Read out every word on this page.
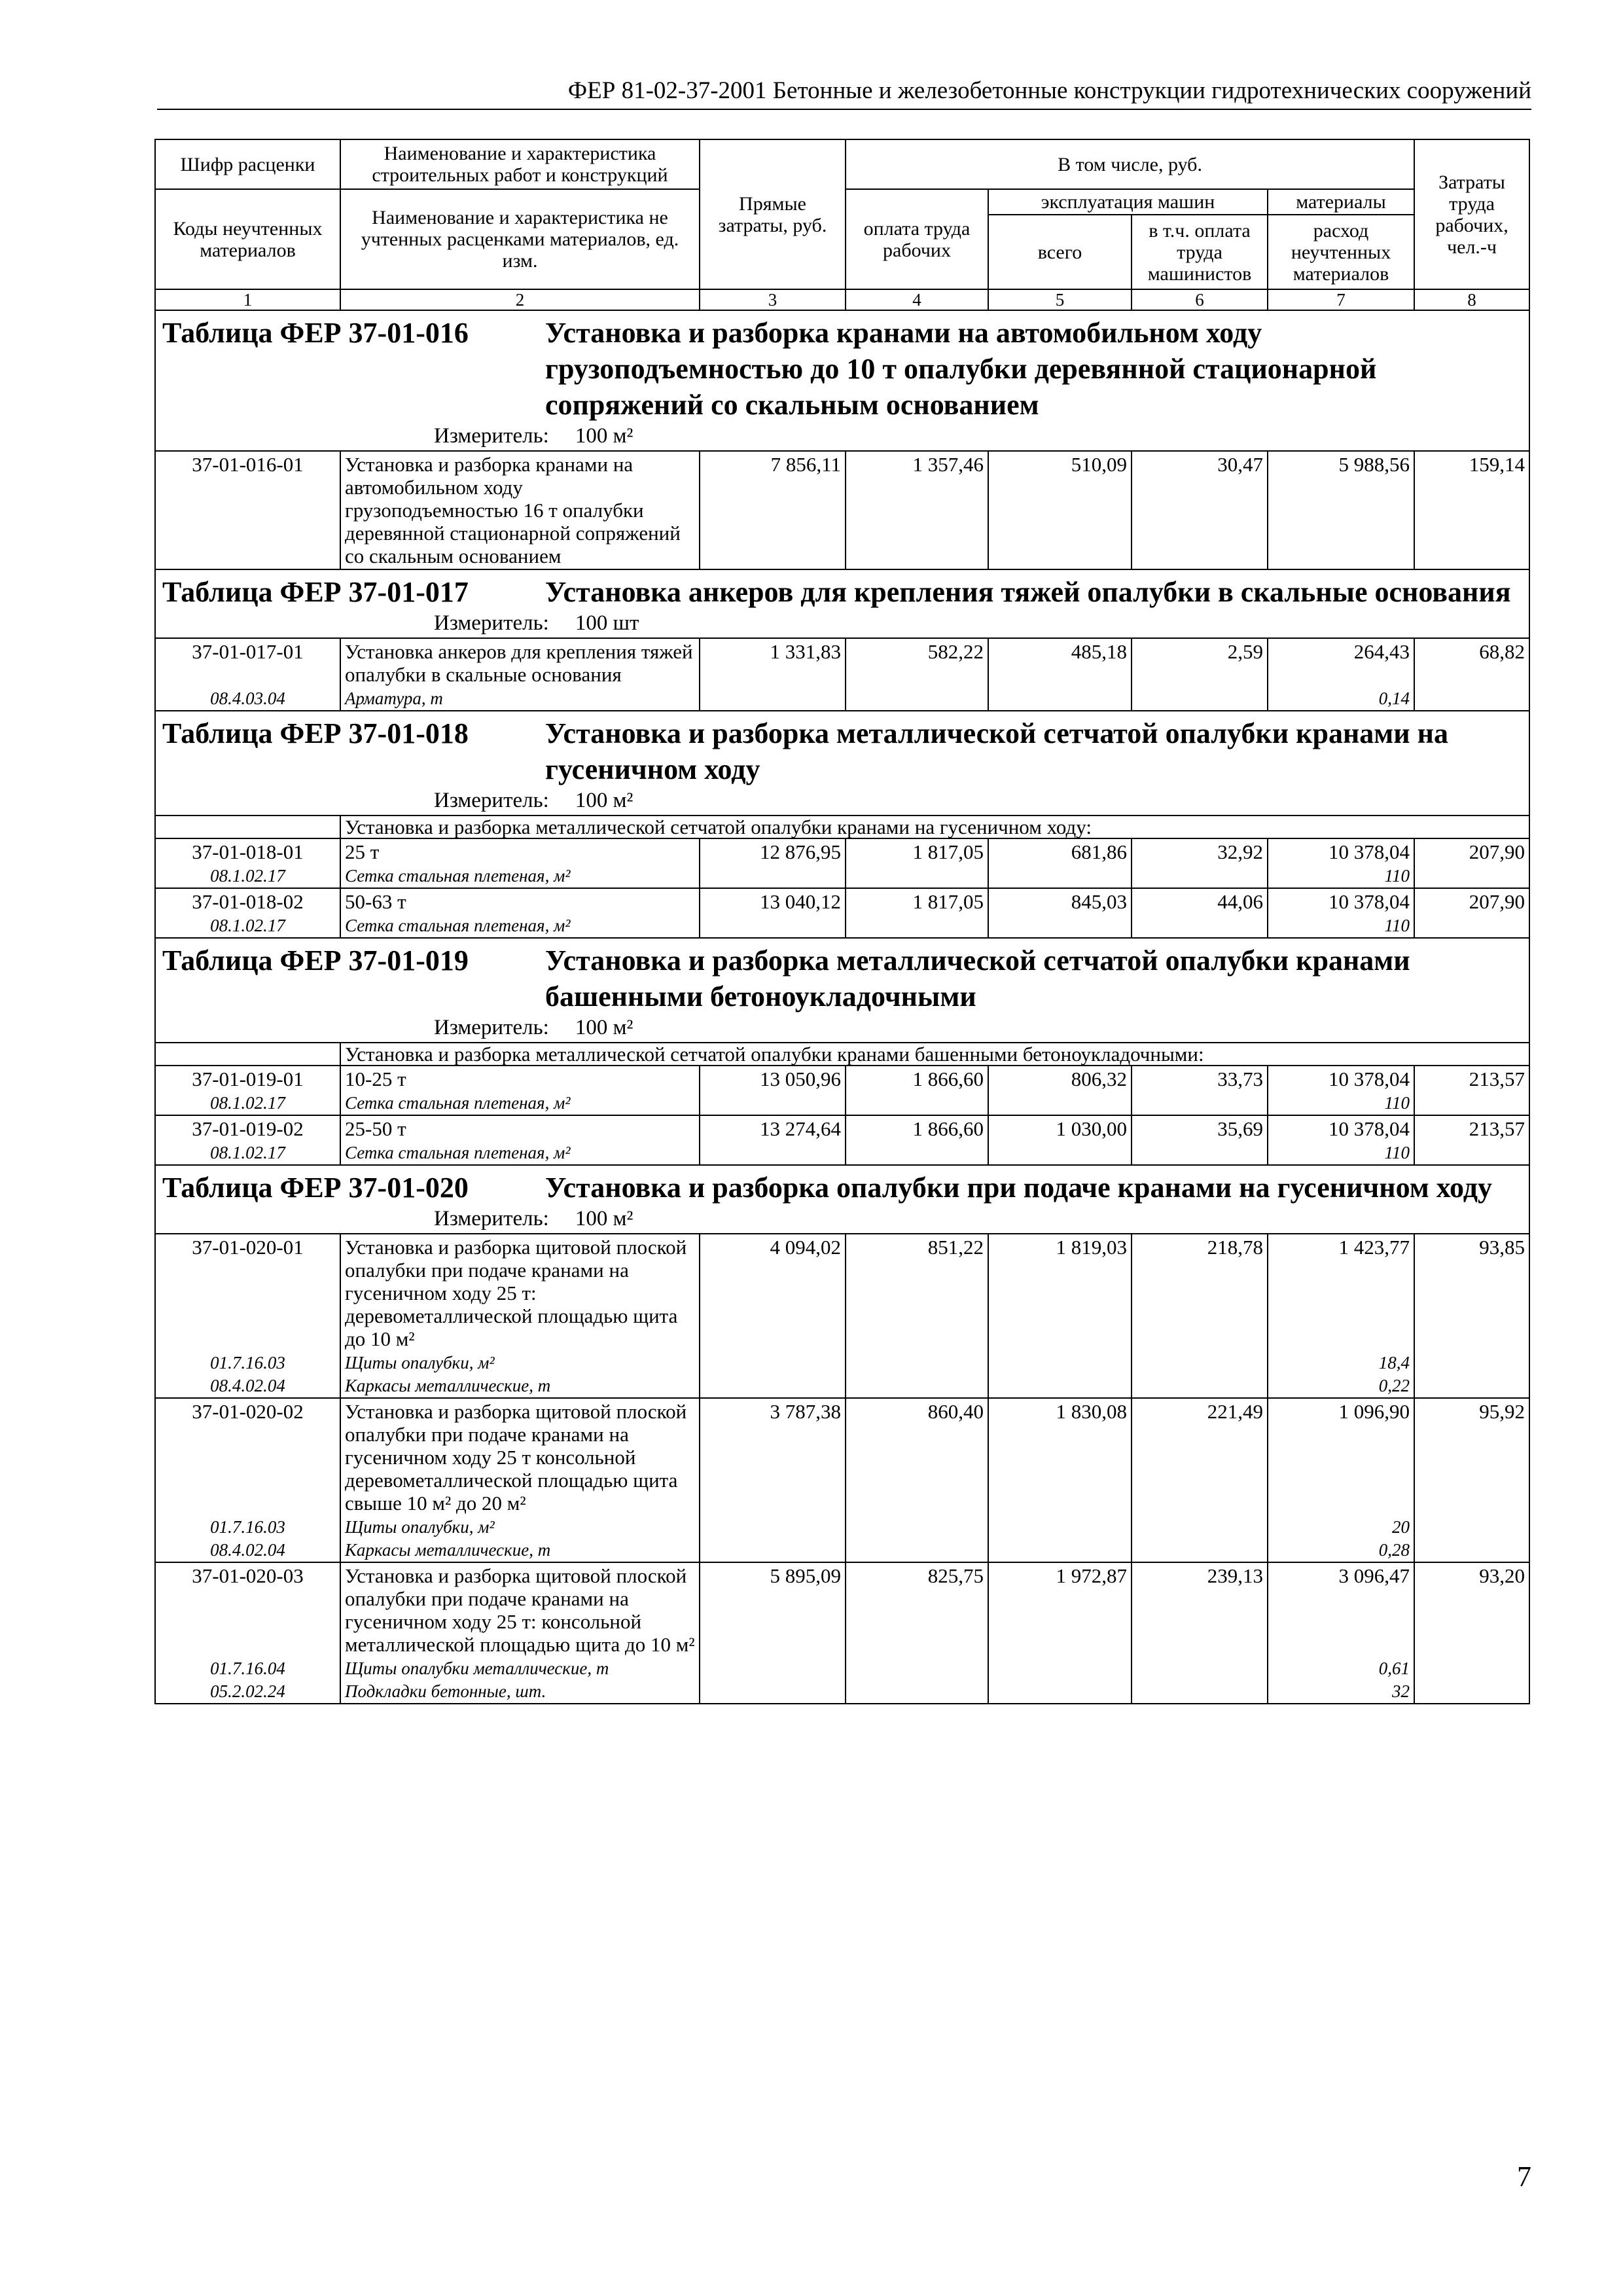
ФЕР 81-02-37-2001 Бетонные и железобетонные конструкции гидротехнических сооружений
Шифр расценки	Наименование и характеристика строительных работ и конструкций	Прямые затраты, руб.	В том числе, руб.				Затраты труда рабочих, чел.-ч
Коды неучтенных материалов	Наименование и характеристика не учтенных расценками материалов, ед. изм.		оплата труда рабочих	эксплуатация машин		материалы	
				всего	в т.ч. оплата труда машинистов	расход неучтенных материалов	
1	2	3	4	5	6	7	8

Таблица ФЕР 37-01-016 Установка и разборка кранами на автомобильном ходу грузоподъемностью до 10 т опалубки деревянной стационарной сопряжений со скальным основанием
Измеритель: 100 м²							

37-01-016-01	Установка и разборка кранами на автомобильном ходу грузоподъемностью 16 т опалубки деревянной стационарной сопряжений со скальным основанием	7 856,11	1 357,46	510,09	30,47	5 988,56	159,14

Таблица ФЕР 37-01-017 Установка анкеров для крепления тяжей опалубки в скальные основания
Измеритель: 100 шт							

37-01-017-01	Установка анкеров для крепления тяжей опалубки в скальные основания	1 331,83	582,22	485,18	2,59	264,43	68,82
08.4.03.04	Арматура, т					0,14	

Таблица ФЕР 37-01-018 Установка и разборка металлической сетчатой опалубки кранами на гусеничном ходу
Измеритель: 100 м²							

	Установка и разборка металлической сетчатой опалубки кранами на гусеничном ходу:						
37-01-018-01	25 т	12 876,95	1 817,05	681,86	32,92	10 378,04	207,90
08.1.02.17	Сетка стальная плетеная, м²					110	
37-01-018-02	50-63 т	13 040,12	1 817,05	845,03	44,06	10 378,04	207,90
08.1.02.17	Сетка стальная плетеная, м²					110	

Таблица ФЕР 37-01-019 Установка и разборка металлической сетчатой опалубки кранами башенными бетоноукладочными
Измеритель: 100 м²							

	Установка и разборка металлической сетчатой опалубки кранами башенными бетоноукладочными:						
37-01-019-01	10-25 т	13 050,96	1 866,60	806,32	33,73	10 378,04	213,57
08.1.02.17	Сетка стальная плетеная, м²					110	
37-01-019-02	25-50 т	13 274,64	1 866,60	1 030,00	35,69	10 378,04	213,57
08.1.02.17	Сетка стальная плетеная, м²					110	

Таблица ФЕР 37-01-020 Установка и разборка опалубки при подаче кранами на гусеничном ходу
Измеритель: 100 м²							

37-01-020-01	Установка и разборка щитовой плоской опалубки при подаче кранами на гусеничном ходу 25 т: деревометаллической площадью щита до 10 м²	4 094,02	851,22	1 819,03	218,78	1 423,77	93,85
01.7.16.03	Щиты опалубки, м²					18,4	
08.4.02.04	Каркасы металлические, т					0,22	
37-01-020-02	Установка и разборка щитовой плоской опалубки при подаче кранами на гусеничном ходу 25 т консольной деревометаллической площадью щита свыше 10 м² до 20 м²	3 787,38	860,40	1 830,08	221,49	1 096,90	95,92
01.7.16.03	Щиты опалубки, м²					20	
08.4.02.04	Каркасы металлические, т					0,28	
37-01-020-03	Установка и разборка щитовой плоской опалубки при подаче кранами на гусеничном ходу 25 т: консольной металлической площадью щита до 10 м²	5 895,09	825,75	1 972,87	239,13	3 096,47	93,20
01.7.16.04	Щиты опалубки металлические, т					0,61	
05.2.02.24	Подкладки бетонные, шт.					32	
7
